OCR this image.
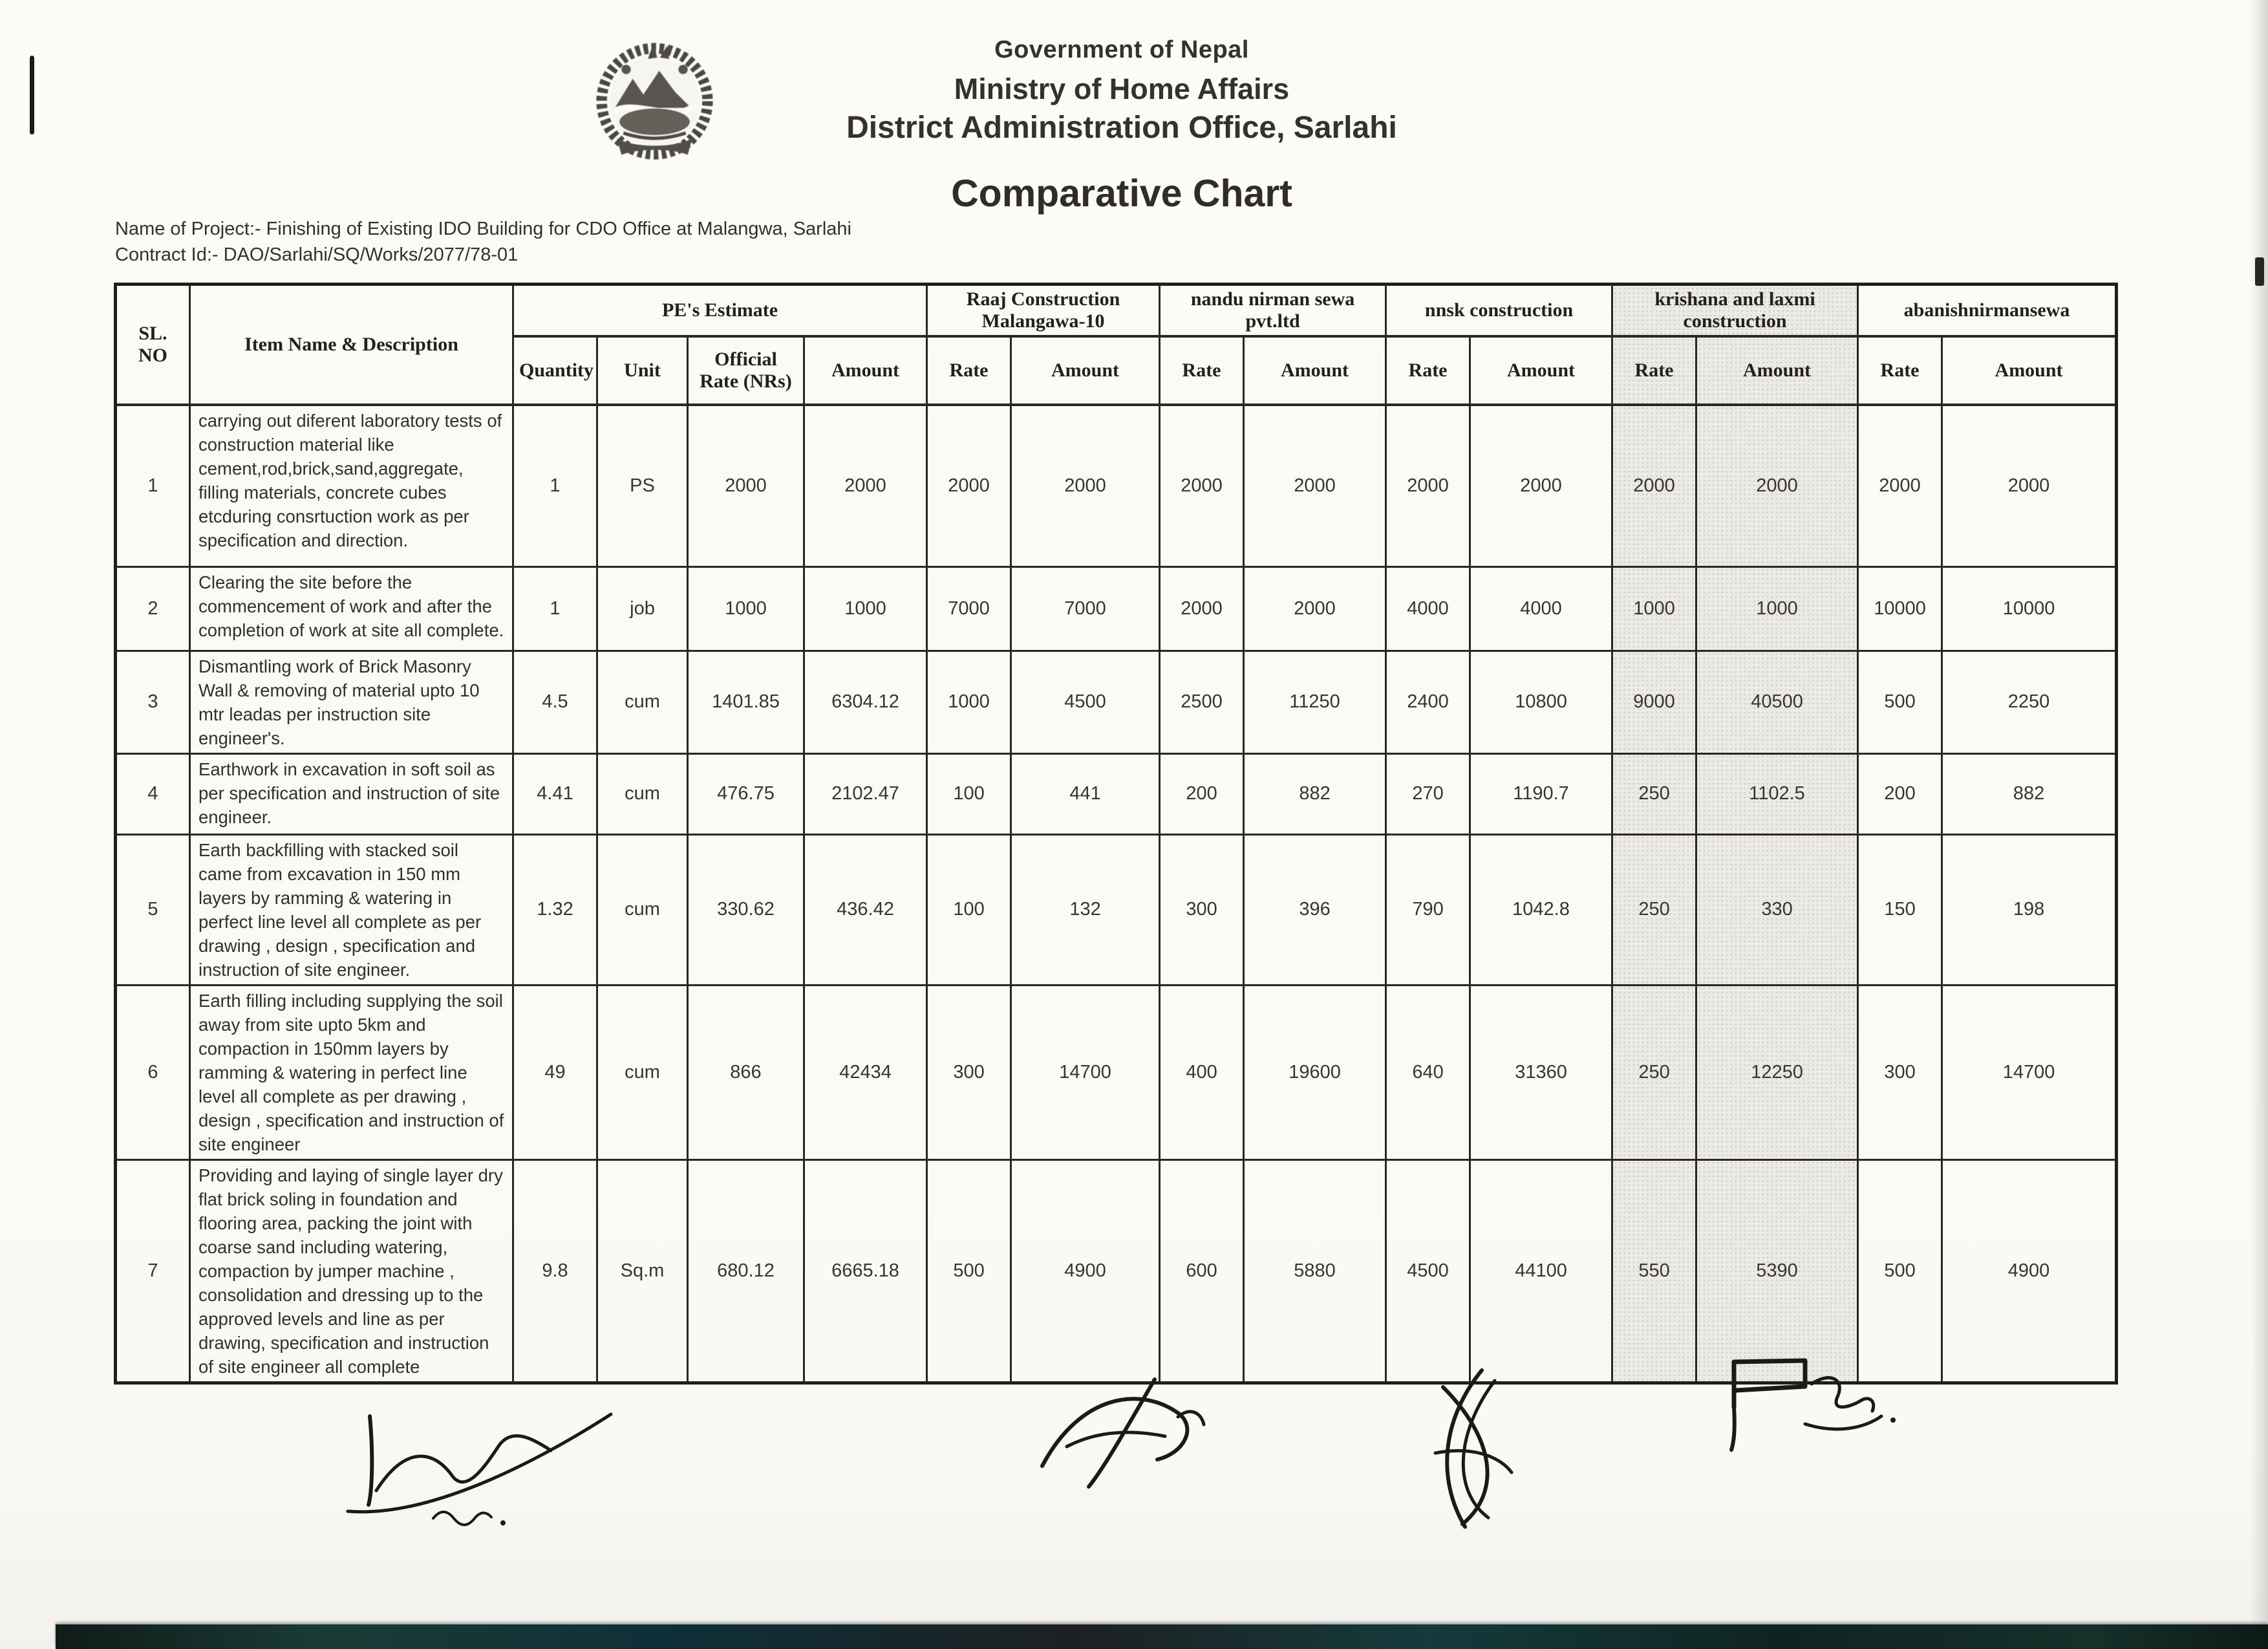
Government of Nepal
Ministry of Home Affairs
District Administration Office, Sarlahi
Comparative Chart
Name of Project:- Finishing of Existing IDO Building for CDO Office at Malangwa, Sarlahi
Contract Id:- DAO/Sarlahi/SQ/Works/2077/78-01
SL. NO	Item Name & Description	PE's Estimate				Raaj Construction Malangawa-10		nandu nirman sewa pvt.ltd		nnsk construction		krishana and laxmi construction		abanishnirmansewa	
		Quantity	Unit	Official Rate (NRs)	Amount	Rate	Amount	Rate	Amount	Rate	Amount	Rate	Amount	Rate	Amount
1	carrying out diferent laboratory tests of construction material like cement,rod,brick,sand,aggregate, filling materials, concrete cubes etcduring consrtuction work as per specification and direction.	1	PS	2000	2000	2000	2000	2000	2000	2000	2000	2000	2000	2000	2000
2	Clearing the site before the commencement of work and after the completion of work at site all complete.	1	job	1000	1000	7000	7000	2000	2000	4000	4000	1000	1000	10000	10000
3	Dismantling work of Brick Masonry Wall & removing of material upto 10 mtr leadas per instruction site engineer's.	4.5	cum	1401.85	6304.12	1000	4500	2500	11250	2400	10800	9000	40500	500	2250
4	Earthwork in excavation in soft soil as per specification and instruction of site engineer.	4.41	cum	476.75	2102.47	100	441	200	882	270	1190.7	250	1102.5	200	882
5	Earth backfilling with stacked soil came from excavation in 150 mm layers by ramming & watering in perfect line level all complete as per drawing , design , specification and instruction of site engineer.	1.32	cum	330.62	436.42	100	132	300	396	790	1042.8	250	330	150	198
6	Earth filling including supplying the soil away from site upto 5km and compaction in 150mm layers by ramming & watering in perfect line level all complete as per drawing , design , specification and instruction of site engineer	49	cum	866	42434	300	14700	400	19600	640	31360	250	12250	300	14700
7	Providing and laying of single layer dry flat brick soling in foundation and flooring area, packing the joint with coarse sand including watering, compaction by jumper machine , consolidation and dressing up to the approved levels and line as per drawing, specification and instruction of site engineer all complete	9.8	Sq.m	680.12	6665.18	500	4900	600	5880	4500	44100	550	5390	500	4900
